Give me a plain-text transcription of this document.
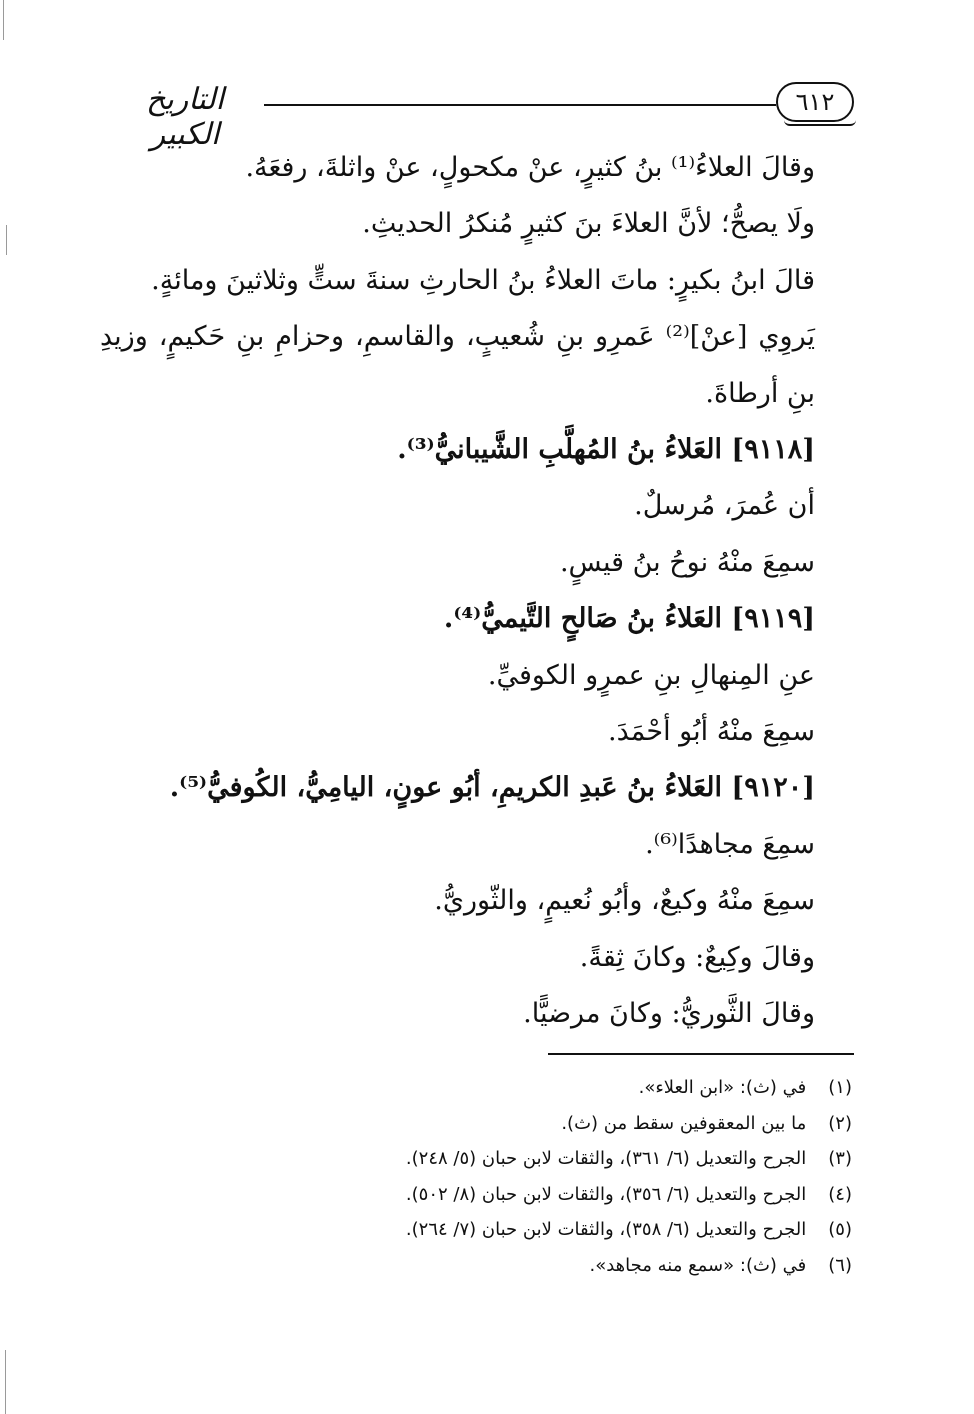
التاريخ الكبير
٦١٢
وقالَ العلاءُ⁽¹⁾ بنُ كثيرٍ، عنْ مكحولٍ، عنْ واثلةَ، رفعَهُ.
ولَا يصحُّ؛ لأنَّ العلاءَ بنَ كثيرٍ مُنكرُ الحديثِ.
قالَ ابنُ بكيرٍ: ماتَ العلاءُ بنُ الحارثِ سنةَ ستٍّ وثلاثينَ ومائةٍ.
يَروِي [عنْ]⁽²⁾ عَمرِو بنِ شُعيبٍ، والقاسمِ، وحزامِ بنِ حَكيمٍ، وزيدِ بنِ أرطاةَ.
[٩١١٨] العَلاءُ بنُ المُهلَّبِ الشَّيبانيُّ⁽³⁾.
أن عُمرَ، مُرسلٌ.
سمِعَ منْهُ نوحُ بنُ قيسٍ.
[٩١١٩] العَلاءُ بنُ صَالحٍ التَّيميُّ⁽⁴⁾.
عنِ المِنهالِ بنِ عمرٍو الكوفيِّ.
سمِعَ منْهُ أبُو أحْمَدَ.
[٩١٢٠] العَلاءُ بنُ عَبدِ الكريمِ، أبُو عونٍ، اليامِيُّ، الكُوفيُّ⁽⁵⁾.
سمِعَ مجاهدًا⁽⁶⁾.
سمِعَ منْهُ وكيعٌ، وأبُو نُعيمٍ، والثّوريُّ.
وقالَ وكِيعٌ: وكانَ ثِقةً.
وقالَ الثَّوريُّ: وكانَ مرضيًّا.
(١) في (ث): «ابن العلاء».
(٢) ما بين المعقوفين سقط من (ث).
(٣) الجرح والتعديل (٦/ ٣٦١)، والثقات لابن حبان (٥/ ٢٤٨).
(٤) الجرح والتعديل (٦/ ٣٥٦)، والثقات لابن حبان (٨/ ٥٠٢).
(٥) الجرح والتعديل (٦/ ٣٥٨)، والثقات لابن حبان (٧/ ٢٦٤).
(٦) في (ث): «سمع منه مجاهد».
